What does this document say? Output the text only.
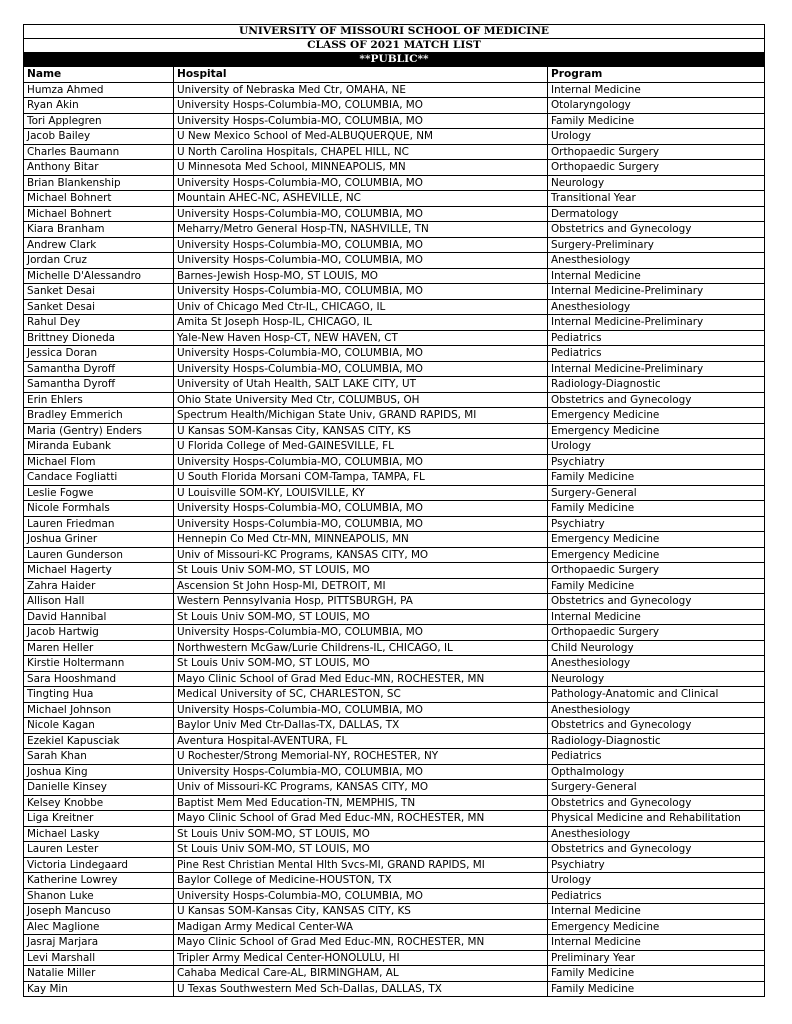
UNIVERSITY OF MISSOURI SCHOOL OF MEDICINE		
CLASS OF 2021 MATCH LIST		
**PUBLIC**		
Name	Hospital	Program
Humza Ahmed	University of Nebraska Med Ctr, OMAHA, NE	Internal Medicine
Ryan Akin	University Hosps-Columbia-MO, COLUMBIA, MO	Otolaryngology
Tori Applegren	University Hosps-Columbia-MO, COLUMBIA, MO	Family Medicine
Jacob Bailey	U New Mexico School of Med-ALBUQUERQUE, NM	Urology
Charles Baumann	U North Carolina Hospitals, CHAPEL HILL, NC	Orthopaedic Surgery
Anthony Bitar	U Minnesota Med School, MINNEAPOLIS, MN	Orthopaedic Surgery
Brian Blankenship	University Hosps-Columbia-MO, COLUMBIA, MO	Neurology
Michael Bohnert	Mountain AHEC-NC, ASHEVILLE, NC	Transitional Year
Michael Bohnert	University Hosps-Columbia-MO, COLUMBIA, MO	Dermatology
Kiara Branham	Meharry/Metro General Hosp-TN, NASHVILLE, TN	Obstetrics and Gynecology
Andrew Clark	University Hosps-Columbia-MO, COLUMBIA, MO	Surgery-Preliminary
Jordan Cruz	University Hosps-Columbia-MO, COLUMBIA, MO	Anesthesiology
Michelle D'Alessandro	Barnes-Jewish Hosp-MO, ST LOUIS, MO	Internal Medicine
Sanket Desai	University Hosps-Columbia-MO, COLUMBIA, MO	Internal Medicine-Preliminary
Sanket Desai	Univ of Chicago Med Ctr-IL, CHICAGO, IL	Anesthesiology
Rahul Dey	Amita St Joseph Hosp-IL, CHICAGO, IL	Internal Medicine-Preliminary
Brittney Dioneda	Yale-New Haven Hosp-CT, NEW HAVEN, CT	Pediatrics
Jessica Doran	University Hosps-Columbia-MO, COLUMBIA, MO	Pediatrics
Samantha Dyroff	University Hosps-Columbia-MO, COLUMBIA, MO	Internal Medicine-Preliminary
Samantha Dyroff	University of Utah Health, SALT LAKE CITY, UT	Radiology-Diagnostic
Erin Ehlers	Ohio State University Med Ctr, COLUMBUS, OH	Obstetrics and Gynecology
Bradley Emmerich	Spectrum Health/Michigan State Univ, GRAND RAPIDS, MI	Emergency Medicine
Maria (Gentry) Enders	U Kansas SOM-Kansas City, KANSAS CITY, KS	Emergency Medicine
Miranda Eubank	U Florida College of Med-GAINESVILLE, FL	Urology
Michael Flom	University Hosps-Columbia-MO, COLUMBIA, MO	Psychiatry
Candace Fogliatti	U South Florida Morsani COM-Tampa, TAMPA, FL	Family Medicine
Leslie Fogwe	U Louisville SOM-KY, LOUISVILLE, KY	Surgery-General
Nicole Formhals	University Hosps-Columbia-MO, COLUMBIA, MO	Family Medicine
Lauren Friedman	University Hosps-Columbia-MO, COLUMBIA, MO	Psychiatry
Joshua Griner	Hennepin Co Med Ctr-MN, MINNEAPOLIS, MN	Emergency Medicine
Lauren Gunderson	Univ of Missouri-KC Programs, KANSAS CITY, MO	Emergency Medicine
Michael Hagerty	St Louis Univ SOM-MO, ST LOUIS, MO	Orthopaedic Surgery
Zahra Haider	Ascension St John Hosp-MI, DETROIT, MI	Family Medicine
Allison Hall	Western Pennsylvania Hosp, PITTSBURGH, PA	Obstetrics and Gynecology
David Hannibal	St Louis Univ SOM-MO, ST LOUIS, MO	Internal Medicine
Jacob Hartwig	University Hosps-Columbia-MO, COLUMBIA, MO	Orthopaedic Surgery
Maren Heller	Northwestern McGaw/Lurie Childrens-IL, CHICAGO, IL	Child Neurology
Kirstie Holtermann	St Louis Univ SOM-MO, ST LOUIS, MO	Anesthesiology
Sara Hooshmand	Mayo Clinic School of Grad Med Educ-MN, ROCHESTER, MN	Neurology
Tingting Hua	Medical University of SC, CHARLESTON, SC	Pathology-Anatomic and Clinical
Michael Johnson	University Hosps-Columbia-MO, COLUMBIA, MO	Anesthesiology
Nicole Kagan	Baylor Univ Med Ctr-Dallas-TX, DALLAS, TX	Obstetrics and Gynecology
Ezekiel Kapusciak	Aventura Hospital-AVENTURA, FL	Radiology-Diagnostic
Sarah Khan	U Rochester/Strong Memorial-NY, ROCHESTER, NY	Pediatrics
Joshua King	University Hosps-Columbia-MO, COLUMBIA, MO	Opthalmology
Danielle Kinsey	Univ of Missouri-KC Programs, KANSAS CITY, MO	Surgery-General
Kelsey Knobbe	Baptist Mem Med Education-TN, MEMPHIS, TN	Obstetrics and Gynecology
Liga Kreitner	Mayo Clinic School of Grad Med Educ-MN, ROCHESTER, MN	Physical Medicine and Rehabilitation
Michael Lasky	St Louis Univ SOM-MO, ST LOUIS, MO	Anesthesiology
Lauren Lester	St Louis Univ SOM-MO, ST LOUIS, MO	Obstetrics and Gynecology
Victoria Lindegaard	Pine Rest Christian Mental Hlth Svcs-MI, GRAND RAPIDS, MI	Psychiatry
Katherine Lowrey	Baylor College of Medicine-HOUSTON, TX	Urology
Shanon Luke	University Hosps-Columbia-MO, COLUMBIA, MO	Pediatrics
Joseph Mancuso	U Kansas SOM-Kansas City, KANSAS CITY, KS	Internal Medicine
Alec Maglione	Madigan Army Medical Center-WA	Emergency Medicine
Jasraj Marjara	Mayo Clinic School of Grad Med Educ-MN, ROCHESTER, MN	Internal Medicine
Levi Marshall	Tripler Army Medical Center-HONOLULU, HI	Preliminary Year
Natalie Miller	Cahaba Medical Care-AL, BIRMINGHAM, AL	Family Medicine
Kay Min	U Texas Southwestern Med Sch-Dallas, DALLAS, TX	Family Medicine
